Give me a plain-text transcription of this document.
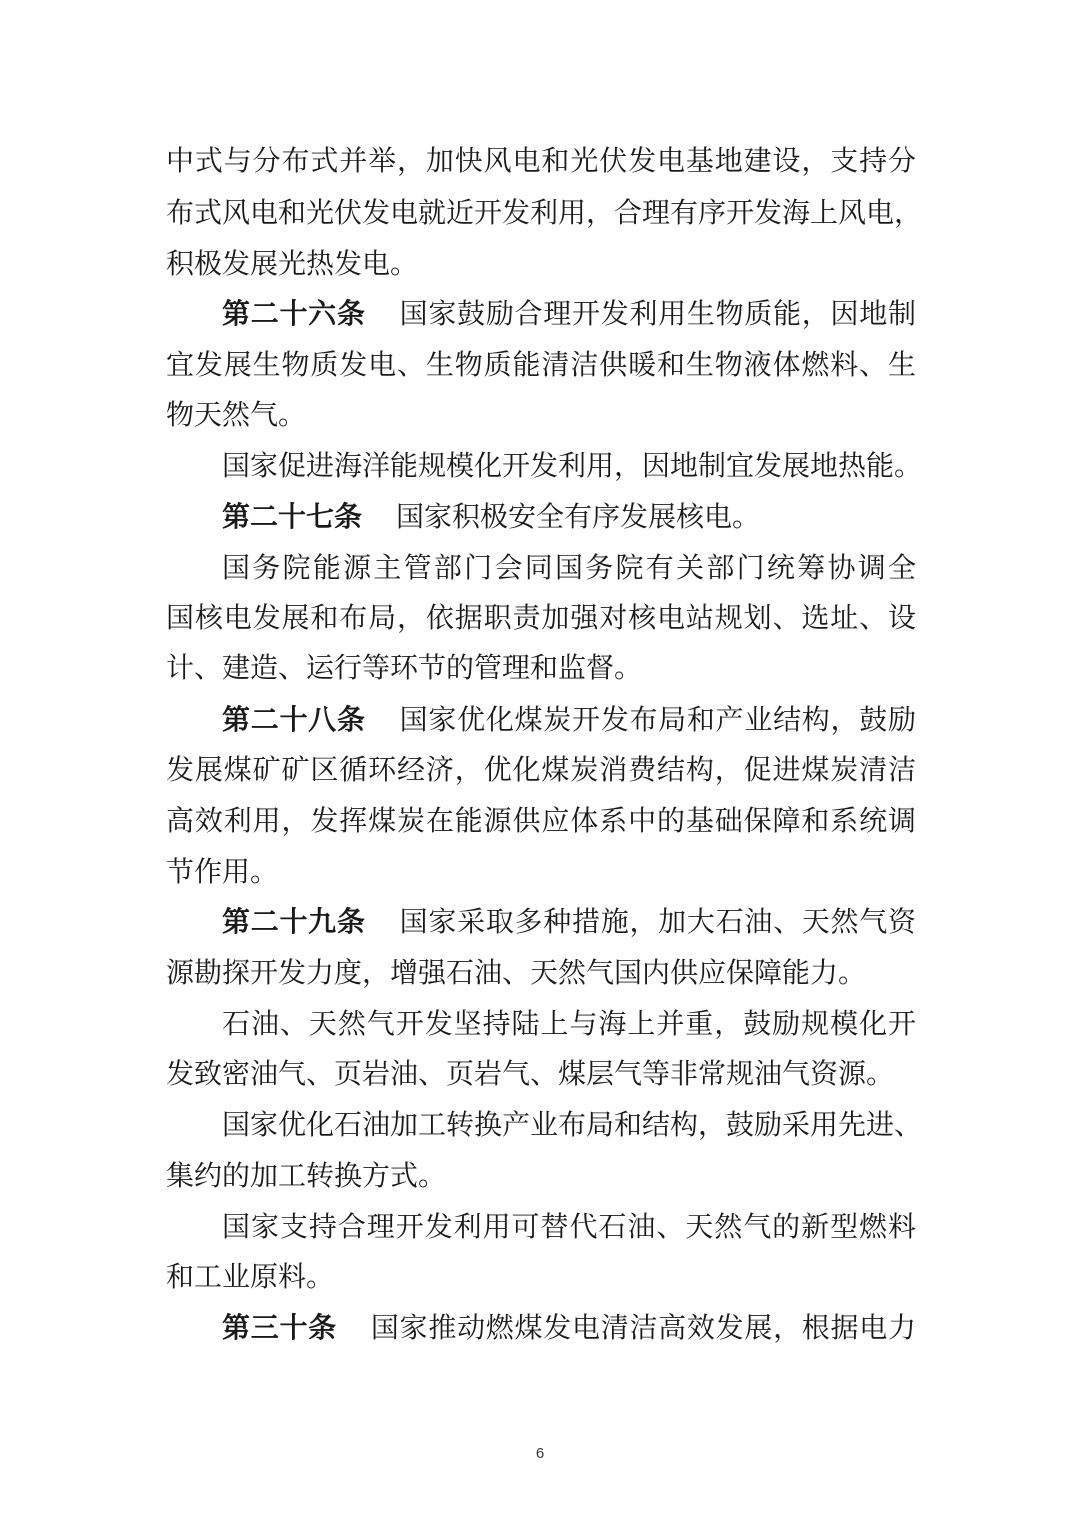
中式与分布式并举，加快风电和光伏发电基地建设，支持分
布式风电和光伏发电就近开发利用，合理有序开发海上风电，
积极发展光热发电。
第二十六条 国家鼓励合理开发利用生物质能，因地制
宜发展生物质发电、生物质能清洁供暖和生物液体燃料、生
物天然气。
国家促进海洋能规模化开发利用，因地制宜发展地热能。
第二十七条 国家积极安全有序发展核电。
国务院能源主管部门会同国务院有关部门统筹协调全
国核电发展和布局，依据职责加强对核电站规划、选址、设
计、建造、运行等环节的管理和监督。
第二十八条 国家优化煤炭开发布局和产业结构，鼓励
发展煤矿矿区循环经济，优化煤炭消费结构，促进煤炭清洁
高效利用，发挥煤炭在能源供应体系中的基础保障和系统调
节作用。
第二十九条 国家采取多种措施，加大石油、天然气资
源勘探开发力度，增强石油、天然气国内供应保障能力。
石油、天然气开发坚持陆上与海上并重，鼓励规模化开
发致密油气、页岩油、页岩气、煤层气等非常规油气资源。
国家优化石油加工转换产业布局和结构，鼓励采用先进、
集约的加工转换方式。
国家支持合理开发利用可替代石油、天然气的新型燃料
和工业原料。
第三十条 国家推动燃煤发电清洁高效发展，根据电力
6
